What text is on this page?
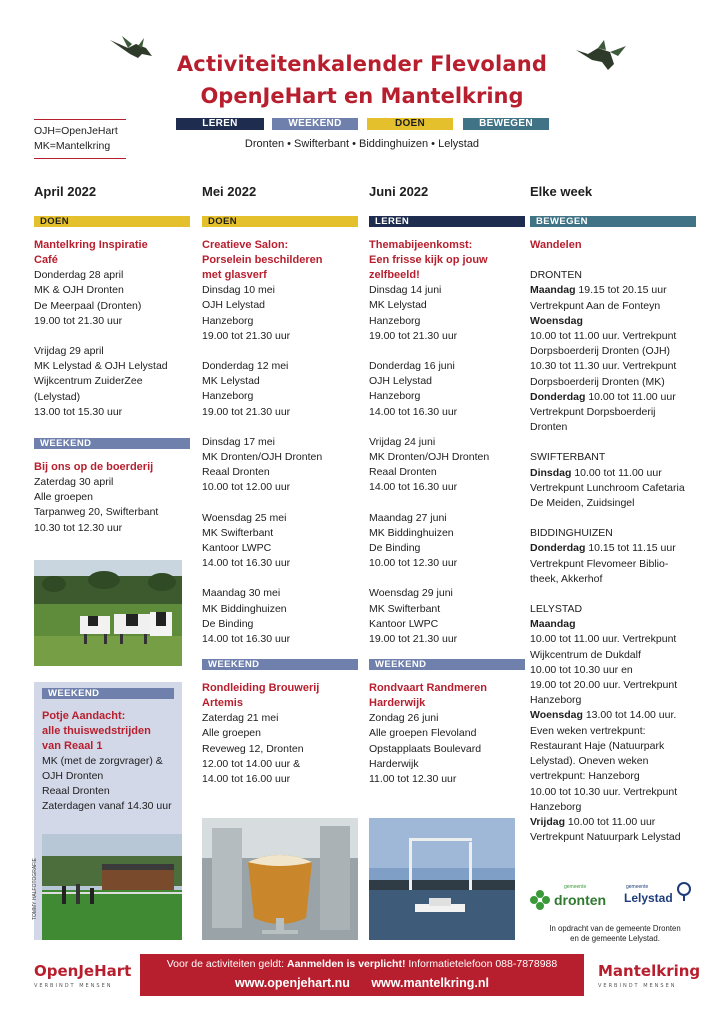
Activiteitenkalender Flevoland
OpenJeHart en Mantelkring
OJH=OpenJeHart
MK=Mantelkring
LEREN	WEEKEND	DOEN	BEWEGEN
Dronten • Swifterbant • Biddinghuizen • Lelystad
April 2022
DOEN
Mantelkring Inspiratie
Café
Donderdag 28 april
MK & OJH Dronten
De Meerpaal (Dronten)
19.00 tot 21.30 uur
Vrijdag 29 april
MK Lelystad & OJH Lelystad
Wijkcentrum ZuiderZee
(Lelystad)
13.00 tot 15.30 uur
WEEKEND
Bij ons op de boerderij
Zaterdag 30 april
Alle groepen
Tarpanweg 20, Swifterbant
10.30 tot 12.30 uur
WEEKEND
Potje Aandacht:
alle thuiswedstrijden
van Reaal 1
MK (met de zorgvrager) &
OJH Dronten
Reaal Dronten
Zaterdagen vanaf 14.30 uur
TOMMY HALFOTOGRAFIE
Mei 2022
DOEN
Creatieve Salon:
Porselein beschilderen
met glasverf
Dinsdag 10 mei
OJH Lelystad
Hanzeborg
19.00 tot 21.30 uur
Donderdag 12 mei
MK Lelystad
Hanzeborg
19.00 tot 21.30 uur
Dinsdag 17 mei
MK Dronten/OJH Dronten
Reaal Dronten
10.00 tot 12.00 uur
Woensdag 25 mei
MK Swifterbant
Kantoor LWPC
14.00 tot 16.30 uur
Maandag 30 mei
MK Biddinghuizen
De Binding
14.00 tot 16.30 uur
WEEKEND
Rondleiding Brouwerij
Artemis
Zaterdag 21 mei
Alle groepen
Reveweg 12, Dronten
12.00 tot 14.00 uur &
14.00 tot 16.00 uur
Juni 2022
LEREN
Themabijeenkomst:
Een frisse kijk op jouw
zelfbeeld!
Dinsdag 14 juni
MK Lelystad
Hanzeborg
19.00 tot 21.30 uur
Donderdag 16 juni
OJH Lelystad
Hanzeborg
14.00 tot 16.30 uur
Vrijdag 24 juni
MK Dronten/OJH Dronten
Reaal Dronten
14.00 tot 16.30 uur
Maandag 27 juni
MK Biddinghuizen
De Binding
10.00 tot 12.30 uur
Woensdag 29 juni
MK Swifterbant
Kantoor LWPC
19.00 tot 21.30 uur
WEEKEND
Rondvaart Randmeren
Harderwijk
Zondag 26 juni
Alle groepen Flevoland
Opstapplaats Boulevard
Harderwijk
11.00 tot 12.30 uur
Elke week
BEWEGEN
Wandelen
DRONTEN
Maandag 19.15 tot 20.15 uur
Vertrekpunt Aan de Fonteyn
Woensdag
10.00 tot 11.00 uur. Vertrekpunt
Dorpsboerderij Dronten (OJH)
10.30 tot 11.30 uur. Vertrekpunt
Dorpsboerderij Dronten (MK)
Donderdag 10.00 tot 11.00 uur
Vertrekpunt Dorpsboerderij
Dronten
SWIFTERBANT
Dinsdag 10.00 tot 11.00 uur
Vertrekpunt Lunchroom Cafetaria
De Meiden, Zuidsingel
BIDDINGHUIZEN
Donderdag 10.15 tot 11.15 uur
Vertrekpunt Flevomeer Biblio-
theek, Akkerhof
LELYSTAD
Maandag
10.00 tot 11.00 uur. Vertrekpunt
Wijkcentrum de Dukdalf
10.00 tot 10.30 uur en
19.00 tot 20.00 uur. Vertrekpunt
Hanzeborg
Woensdag 13.00 tot 14.00 uur.
Even weken vertrekpunt:
Restaurant Haje (Natuurpark
Lelystad). Oneven weken
vertrekpunt: Hanzeborg
10.00 tot 10.30 uur. Vertrekpunt
Hanzeborg
Vrijdag 10.00 tot 11.00 uur
Vertrekpunt Natuurpark Lelystad
gemeente
dronten
gemeente
Lelystad
In opdracht van de gemeente Dronten
en de gemeente Lelystad.
OpenJeHart
VERBINDT MENSEN
Voor de activiteiten geldt: Aanmelden is verplicht! Informatietelefoon 088-7878988
www.openjehart.nu www.mantelkring.nl
Mantelkring
VERBINDT MENSEN
